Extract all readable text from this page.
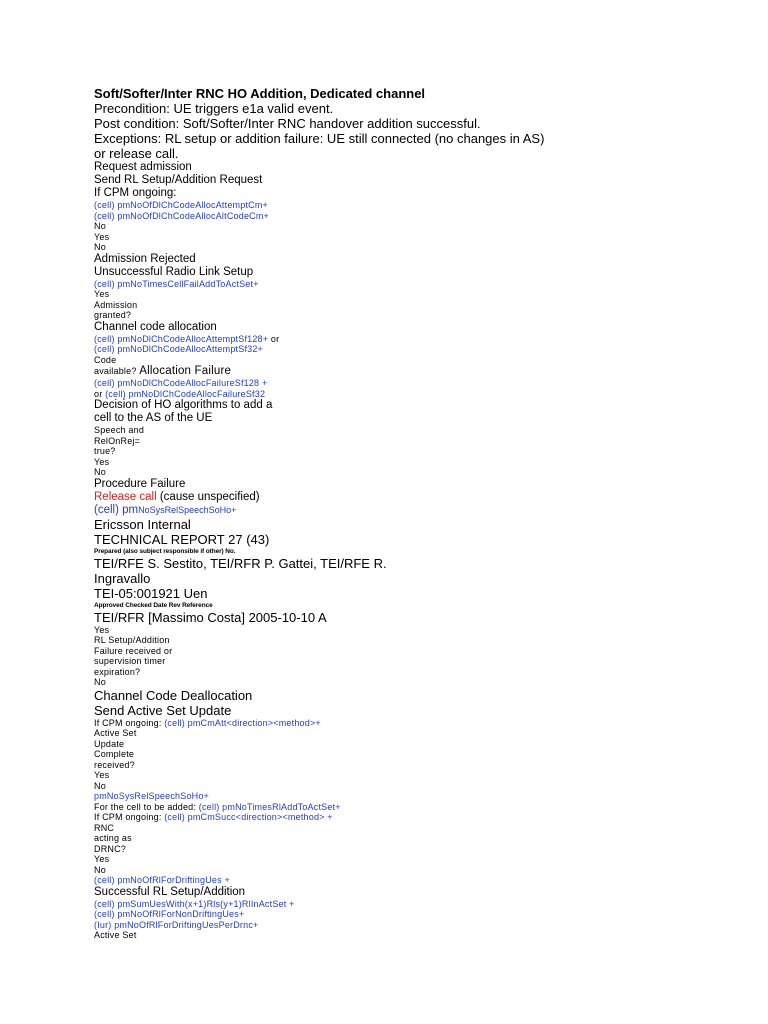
Soft/Softer/Inter RNC HO Addition, Dedicated channel
Precondition: UE triggers e1a valid event.
Post condition: Soft/Softer/Inter RNC handover addition successful.
Exceptions: RL setup or addition failure: UE still connected (no changes in AS) or release call.
Request admission
Send RL Setup/Addition Request
If CPM ongoing:
(cell) pmNoOfDlChCodeAllocAttemptCm+
(cell) pmNoOfDlChCodeAllocAltCodeCm+
No
Yes
No
Admission Rejected
Unsuccessful Radio Link Setup
(cell) pmNoTimesCellFailAddToActSet+
Yes
Admission
granted?
Channel code allocation
(cell) pmNoDlChCodeAllocAttemptSf128+ or
(cell) pmNoDlChCodeAllocAttemptSf32+
Code
available? Allocation Failure
(cell) pmNoDlChCodeAllocFailureSf128 +
or (cell) pmNoDlChCodeAllocFailureSf32
Decision of HO algorithms to add a
cell to the AS of the UE
Speech and
RelOnRej=
true?
Yes
No
Procedure Failure
Release call (cause unspecified)
(cell) pmNoSysRelSpeechSoHo+
Ericsson Internal
TECHNICAL REPORT 27 (43)
Prepared (also subject responsible if other) No.
TEI/RFE S. Sestito, TEI/RFR P. Gattei, TEI/RFE R.
Ingravallo
TEI-05:001921 Uen
Approved Checked Date Rev Reference
TEI/RFR [Massimo Costa] 2005-10-10 A
Yes
RL Setup/Addition
Failure received or
supervision timer
expiration?
No
Channel Code Deallocation
Send Active Set Update
If CPM ongoing: (cell) pmCmAtt<direction><method>+
Active Set
Update
Complete
received?
Yes
No
pmNoSysRelSpeechSoHo+
For the cell to be added: (cell) pmNoTimesRlAddToActSet+
If CPM ongoing: (cell) pmCmSucc<direction><method> +
RNC
acting as
DRNC?
Yes
No
(cell) pmNoOfRlForDriftingUes +
Successful RL Setup/Addition
(cell) pmSumUesWith(x+1)Rls(y+1)RlInActSet +
(cell) pmNoOfRlForNonDriftingUes+
(Iur) pmNoOfRlForDriftingUesPerDrnc+
Active Set
